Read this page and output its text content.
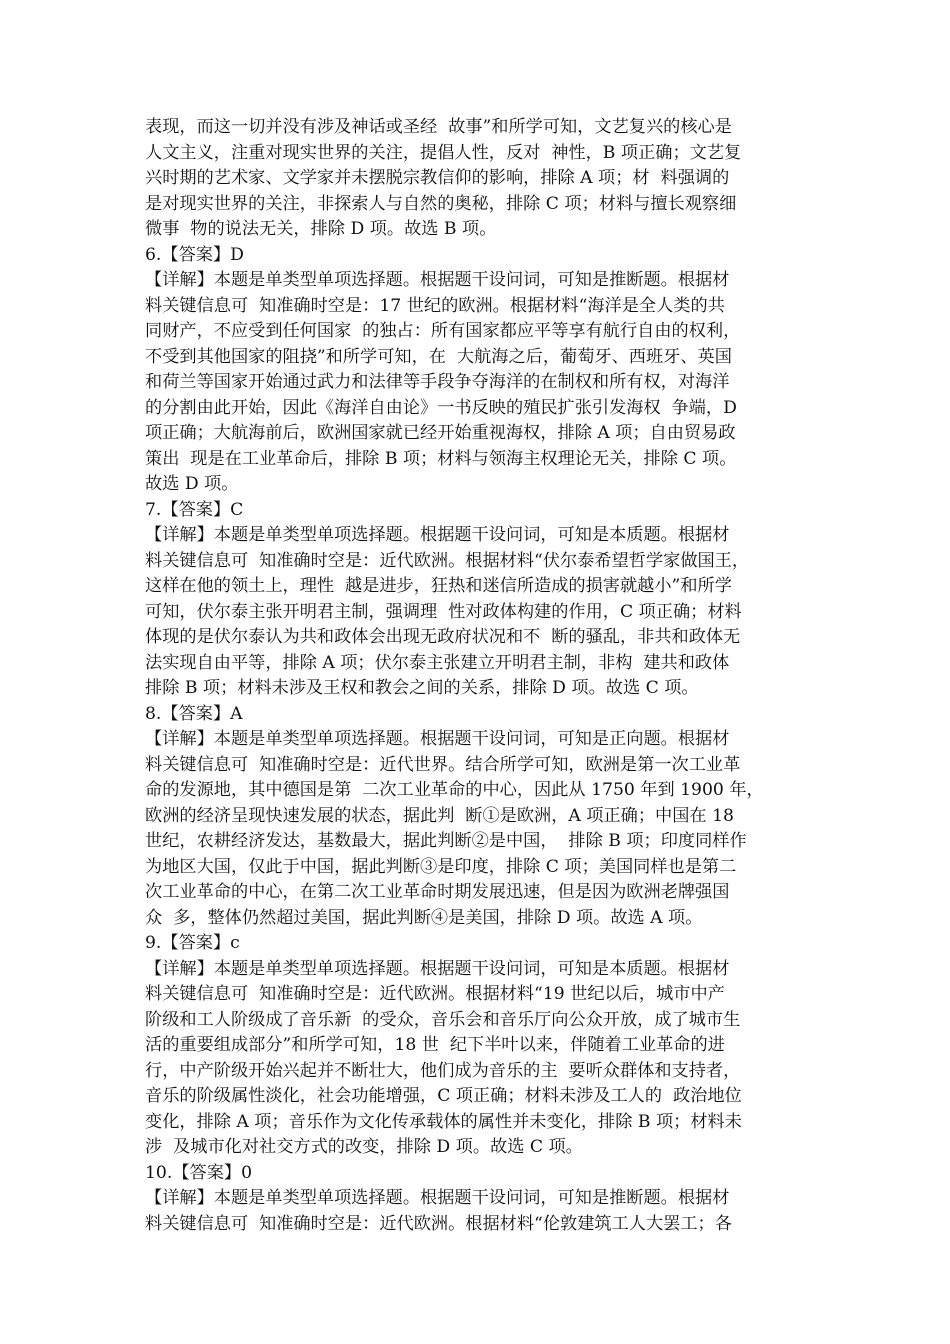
表现，而这一切并没有涉及神话或圣经  故事”和所学可知，文艺复兴的核心是
人文主义，注重对现实世界的关注，提倡人性，反对  神性，B 项正确；文艺复
兴时期的艺术家、文学家并未摆脱宗教信仰的影响，排除 A 项；材  料强调的
是对现实世界的关注，非探索人与自然的奥秘，排除 C 项；材料与擅长观察细
微事  物的说法无关，排除 D 项。故选 B 项。
6.【答案】D
【详解】本题是单类型单项选择题。根据题干设问词，可知是推断题。根据材
料关键信息可  知准确时空是：17 世纪的欧洲。根据材料“海洋是全人类的共
同财产，不应受到任何国家  的独占：所有国家都应平等享有航行自由的权利，
不受到其他国家的阻挠”和所学可知，在  大航海之后，葡萄牙、西班牙、英国
和荷兰等国家开始通过武力和法律等手段争夺海洋的在制权和所有权，对海洋
的分割由此开始，因此《海洋自由论》一书反映的殖民扩张引发海权  争端，D
项正确；大航海前后，欧洲国家就已经开始重视海权，排除 A 项；自由贸易政
策出  现是在工业革命后，排除 B 项；材料与领海主权理论无关，排除 C 项。
故选 D 项。
7.【答案】C
【详解】本题是单类型单项选择题。根据题干设问词，可知是本质题。根据材
料关键信息可  知准确时空是：近代欧洲。根据材料“伏尔泰希望哲学家做国王，
这样在他的领土上，理性  越是进步，狂热和迷信所造成的损害就越小”和所学
可知，伏尔泰主张开明君主制，强调理  性对政体构建的作用，C 项正确；材料
体现的是伏尔泰认为共和政体会出现无政府状况和不  断的骚乱，非共和政体无
法实现自由平等，排除 A 项；伏尔泰主张建立开明君主制，非构  建共和政体
排除 B 项；材料未涉及王权和教会之间的关系，排除 D 项。故选 C 项。
8.【答案】A
【详解】本题是单类型单项选择题。根据题干设问词，可知是正向题。根据材
料关键信息可  知准确时空是：近代世界。结合所学可知，欧洲是第一次工业革
命的发源地，其中德国是第  二次工业革命的中心，因此从 1750 年到 1900 年，
欧洲的经济呈现快速发展的状态，据此判  断①是欧洲，A 项正确；中国在 18
世纪，农耕经济发达，基数最大，据此判断②是中国，  排除 B 项；印度同样作
为地区大国，仅此于中国，据此判断③是印度，排除 C 项；美国同样也是第二
次工业革命的中心，在第二次工业革命时期发展迅速，但是因为欧洲老牌强国
众  多，整体仍然超过美国，据此判断④是美国，排除 D 项。故选 A 项。
9.【答案】c
【详解】本题是单类型单项选择题。根据题干设问词，可知是本质题。根据材
料关键信息可  知准确时空是：近代欧洲。根据材料“19 世纪以后，城市中产
阶级和工人阶级成了音乐新  的受众，音乐会和音乐厅向公众开放，成了城市生
活的重要组成部分”和所学可知，18 世  纪下半叶以来，伴随着工业革命的进
行，中产阶级开始兴起并不断壮大，他们成为音乐的主  要听众群体和支持者，
音乐的阶级属性淡化，社会功能增强，C 项正确；材料未涉及工人的  政治地位
变化，排除 A 项；音乐作为文化传承载体的属性并未变化，排除 B 项；材料未
涉  及城市化对社交方式的改变，排除 D 项。故选 C 项。
10.【答案】0
【详解】本题是单类型单项选择题。根据题干设问词，可知是推断题。根据材
料关键信息可  知准确时空是：近代欧洲。根据材料“伦敦建筑工人大罢工；各
